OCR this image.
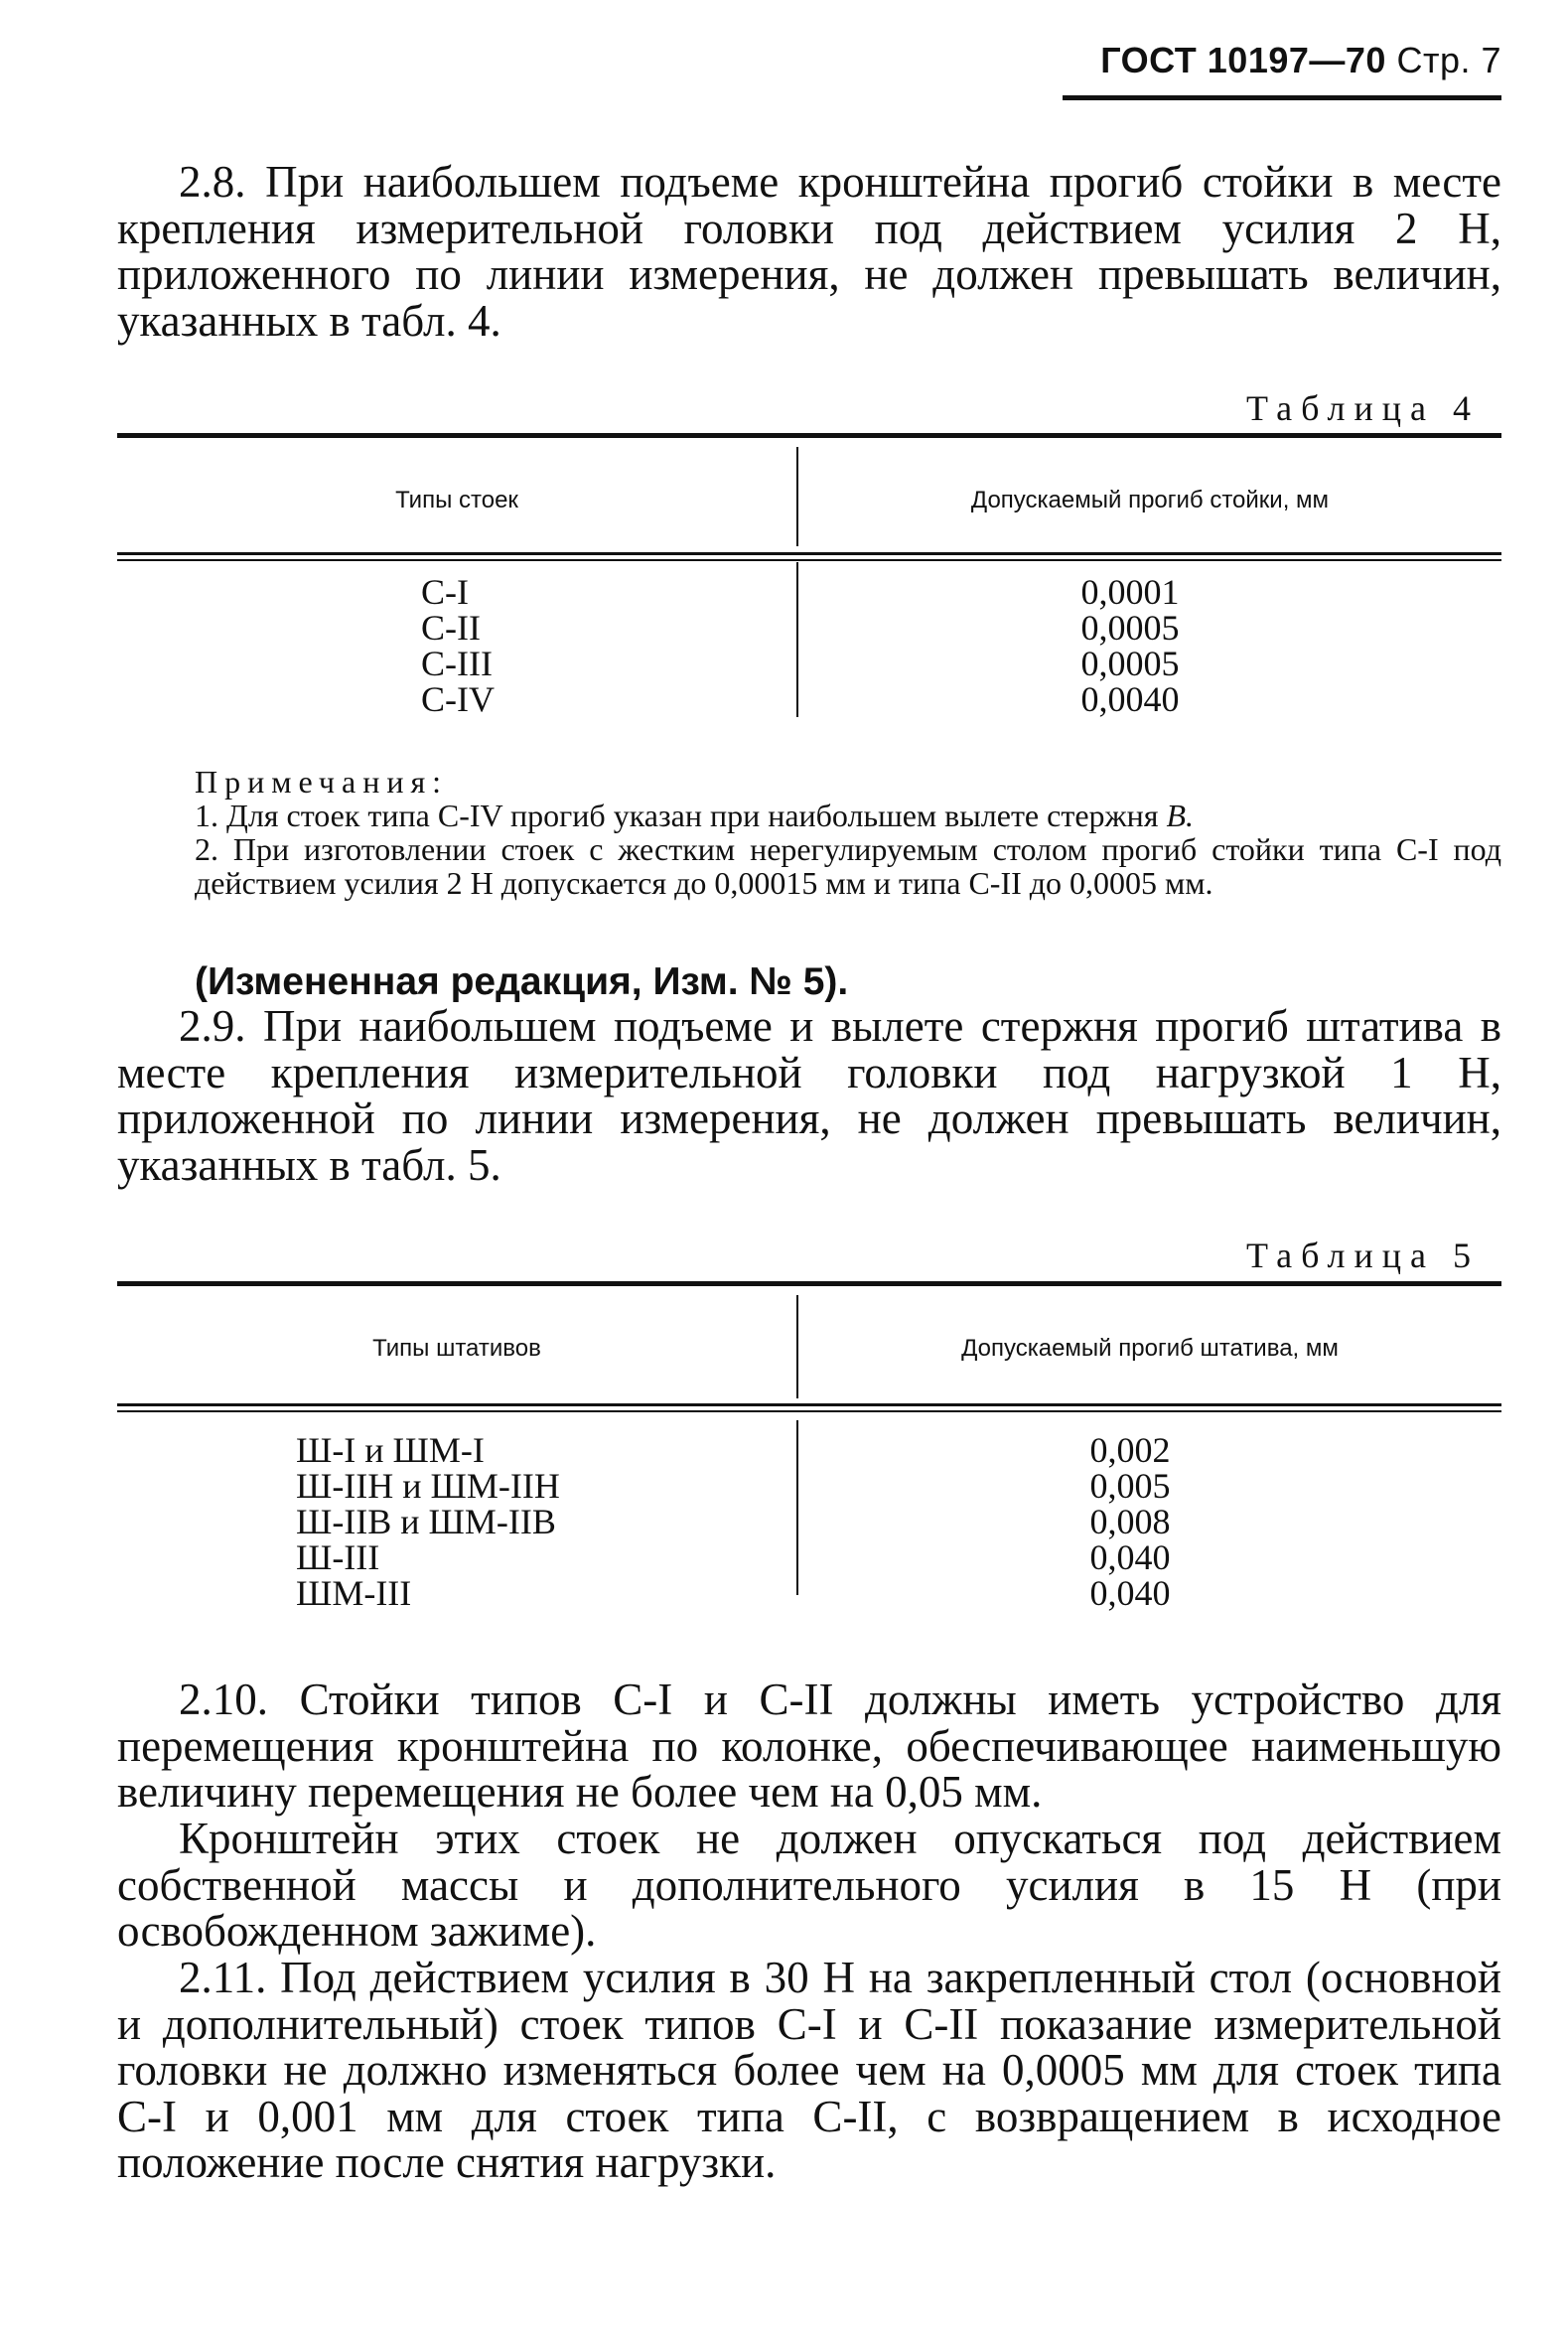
ГОСТ 10197—70 Стр. 7

2.8. При наибольшем подъеме кронштейна прогиб стойки в месте крепления измерительной головки под действием усилия 2 Н, приложенного по линии измерения, не должен превышать величин, указанных в табл. 4.

Таблица 4
Типы стоек	Допускаемый прогиб стойки, мм
С-I
С-II
С-III
С-IV
0,0001
0,0005
0,0005
0,0040
Примечания:
1. Для стоек типа С-IV прогиб указан при наибольшем вылете стержня В.
2. При изготовлении стоек с жестким нерегулируемым столом прогиб стойки типа С-I под действием усилия 2 Н допускается до 0,00015 мм и типа С-II до 0,0005 мм.
(Измененная редакция, Изм. № 5).

2.9. При наибольшем подъеме и вылете стержня прогиб штатива в месте крепления измерительной головки под нагрузкой 1 Н, приложенной по линии измерения, не должен превышать величин, указанных в табл. 5.

Таблица 5
Типы штативов	Допускаемый прогиб штатива, мм
Ш-I и ШМ-I
Ш-IIН и ШМ-IIН
Ш-IIВ и ШМ-IIВ
Ш-III
ШМ-III
0,002
0,005
0,008
0,040
0,040

2.10. Стойки типов С-I и С-II должны иметь устройство для перемещения кронштейна по колонке, обеспечивающее наименьшую величину перемещения не более чем на 0,05 мм.

Кронштейн этих стоек не должен опускаться под действием собственной массы и дополнительного усилия в 15 Н (при освобожденном зажиме).

2.11. Под действием усилия в 30 Н на закрепленный стол (основной и дополнительный) стоек типов С-I и С-II показание измерительной головки не должно изменяться более чем на 0,0005 мм для стоек типа С-I и 0,001 мм для стоек типа С-II, с возвращением в исходное положение после снятия нагрузки.
